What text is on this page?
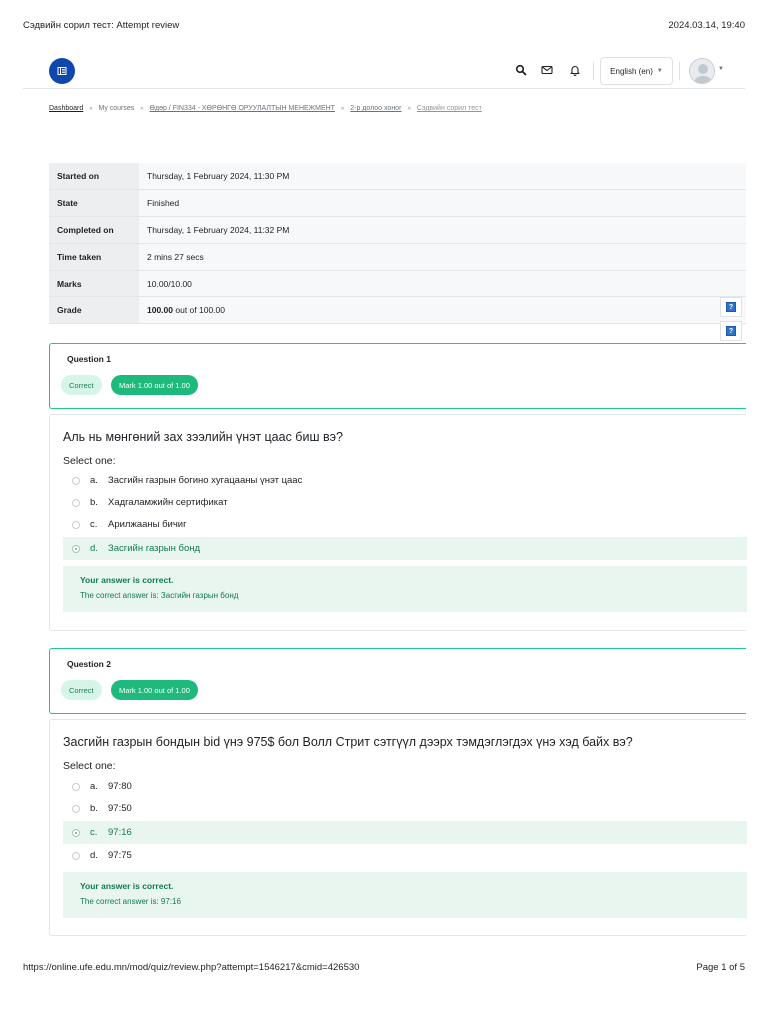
Сэдвийн сорил тест: Attempt review	2024.03.14, 19:40
English (en) ▼	▼
Dashboard » My courses » Өдөр / FIN334 - ХӨРӨНГӨ ОРУУЛАЛТЫН МЕНЕЖМЕНТ » 2-р долоо хоног » Сэдвийн сорил тест
Started on	Thursday, 1 February 2024, 11:30 PM
State	Finished
Completed on	Thursday, 1 February 2024, 11:32 PM
Time taken	2 mins 27 secs
Marks	10.00/10.00
Grade	100.00 out of 100.00	?
?
Question 1
Correct	Mark 1.00 out of 1.00
Аль нь мөнгөний зах зээлийн үнэт цаас биш вэ?
Select one:
a.	Засгийн газрын богино хугацааны үнэт цаас
b.	Хадгаламжийн сертификат
c.	Арилжааны бичиг
d.	Засгийн газрын бонд
Your answer is correct.
The correct answer is: Засгийн газрын бонд
Question 2
Correct	Mark 1.00 out of 1.00
Засгийн газрын бондын bid үнэ 975$ бол Волл Стрит сэтгүүл дээрх тэмдэглэгдэх үнэ хэд байх вэ?
Select one:
a.	97:80
b.	97:50
c.	97:16
d.	97:75
Your answer is correct.
The correct answer is: 97:16
https://online.ufe.edu.mn/mod/quiz/review.php?attempt=1546217&cmid=426530	Page 1 of 5
